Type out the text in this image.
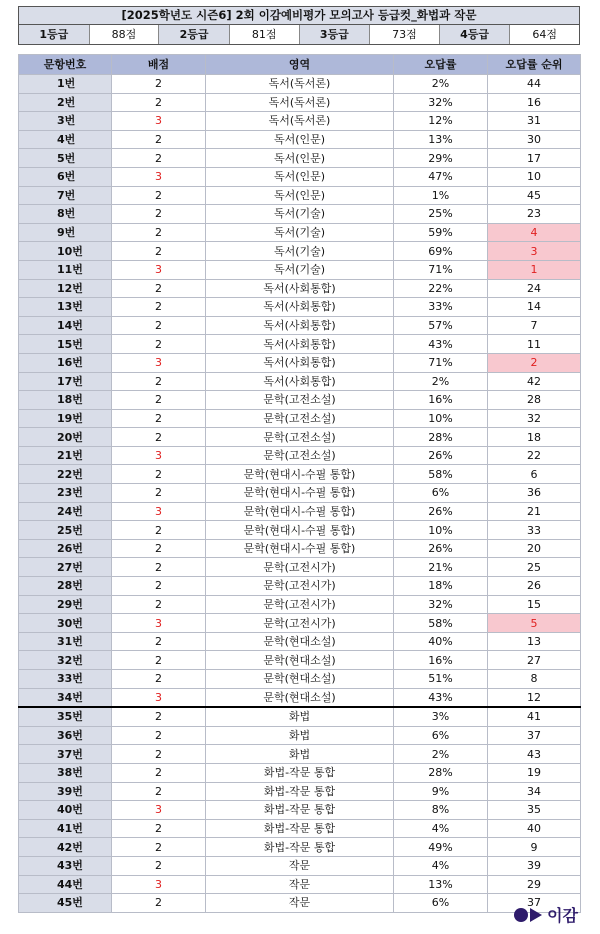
[2025학년도 시즌6] 2회 이감예비평가 모의고사 등급컷_화법과 작문
1등급	88점	2등급	81점	3등급	73점	4등급	64점
문항번호	배점	영역	오답률	오답률 순위
1번	2	독서(독서론)	2%	44
2번	2	독서(독서론)	32%	16
3번	3	독서(독서론)	12%	31
4번	2	독서(인문)	13%	30
5번	2	독서(인문)	29%	17
6번	3	독서(인문)	47%	10
7번	2	독서(인문)	1%	45
8번	2	독서(기술)	25%	23
9번	2	독서(기술)	59%	4
10번	2	독서(기술)	69%	3
11번	3	독서(기술)	71%	1
12번	2	독서(사회통합)	22%	24
13번	2	독서(사회통합)	33%	14
14번	2	독서(사회통합)	57%	7
15번	2	독서(사회통합)	43%	11
16번	3	독서(사회통합)	71%	2
17번	2	독서(사회통합)	2%	42
18번	2	문학(고전소설)	16%	28
19번	2	문학(고전소설)	10%	32
20번	2	문학(고전소설)	28%	18
21번	3	문학(고전소설)	26%	22
22번	2	문학(현대시-수필 통합)	58%	6
23번	2	문학(현대시-수필 통합)	6%	36
24번	3	문학(현대시-수필 통합)	26%	21
25번	2	문학(현대시-수필 통합)	10%	33
26번	2	문학(현대시-수필 통합)	26%	20
27번	2	문학(고전시가)	21%	25
28번	2	문학(고전시가)	18%	26
29번	2	문학(고전시가)	32%	15
30번	3	문학(고전시가)	58%	5
31번	2	문학(현대소설)	40%	13
32번	2	문학(현대소설)	16%	27
33번	2	문학(현대소설)	51%	8
34번	3	문학(현대소설)	43%	12
35번	2	화법	3%	41
36번	2	화법	6%	37
37번	2	화법	2%	43
38번	2	화법-작문 통합	28%	19
39번	2	화법-작문 통합	9%	34
40번	3	화법-작문 통합	8%	35
41번	2	화법-작문 통합	4%	40
42번	2	화법-작문 통합	49%	9
43번	2	작문	4%	39
44번	3	작문	13%	29
45번	2	작문	6%	37
이감
